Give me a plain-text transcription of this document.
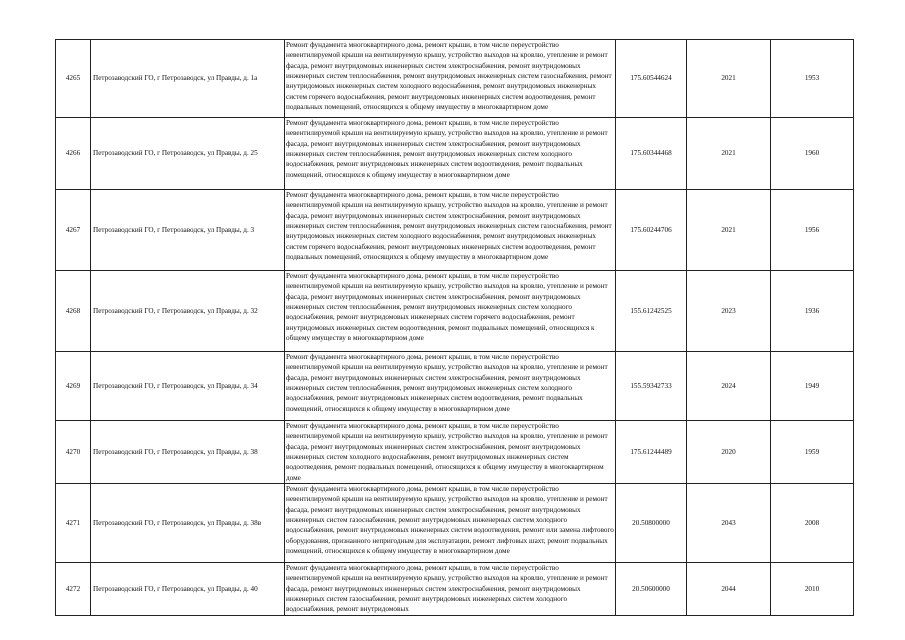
4265	Петрозаводский ГО, г Петрозаводск, ул Правды, д. 1а	Ремонт фундамента многоквартирного дома, ремонт крыши, в том числе переустройство невентилируемой крыши на вентилируемую крышу, устройство выходов на кровлю, утепление и ремонт фасада, ремонт внутридомовых инженерных систем электроснабжения, ремонт внутридомовых инженерных систем теплоснабжения, ремонт внутридомовых инженерных систем газоснабжения, ремонт внутридомовых инженерных систем холодного водоснабжения, ремонт внутридомовых инженерных систем горячего водоснабжения, ремонт внутридомовых инженерных систем водоотведения, ремонт подвальных помещений, относящихся к общему имуществу в многоквартирном доме	175.60544624	2021	1953
4266	Петрозаводский ГО, г Петрозаводск, ул Правды, д. 25	Ремонт фундамента многоквартирного дома, ремонт крыши, в том числе переустройство невентилируемой крыши на вентилируемую крышу, устройство выходов на кровлю, утепление и ремонт фасада, ремонт внутридомовых инженерных систем электроснабжения, ремонт внутридомовых инженерных систем теплоснабжения, ремонт внутридомовых инженерных систем холодного водоснабжения, ремонт внутридомовых инженерных систем водоотведения, ремонт подвальных помещений, относящихся к общему имуществу в многоквартирном доме	175.60344468	2021	1960
4267	Петрозаводский ГО, г Петрозаводск, ул Правды, д. 3	Ремонт фундамента многоквартирного дома, ремонт крыши, в том числе переустройство невентилируемой крыши на вентилируемую крышу, устройство выходов на кровлю, утепление и ремонт фасада, ремонт внутридомовых инженерных систем электроснабжения, ремонт внутридомовых инженерных систем теплоснабжения, ремонт внутридомовых инженерных систем газоснабжения, ремонт внутридомовых инженерных систем холодного водоснабжения, ремонт внутридомовых инженерных систем горячего водоснабжения, ремонт внутридомовых инженерных систем водоотведения, ремонт подвальных помещений, относящихся к общему имуществу в многоквартирном доме	175.60244706	2021	1956
4268	Петрозаводский ГО, г Петрозаводск, ул Правды, д. 32	Ремонт фундамента многоквартирного дома, ремонт крыши, в том числе переустройство невентилируемой крыши на вентилируемую крышу, устройство выходов на кровлю, утепление и ремонт фасада, ремонт внутридомовых инженерных систем электроснабжения, ремонт внутридомовых инженерных систем теплоснабжения, ремонт внутридомовых инженерных систем холодного водоснабжения, ремонт внутридомовых инженерных систем горячего водоснабжения, ремонт внутридомовых инженерных систем водоотведения, ремонт подвальных помещений, относящихся к общему имуществу в многоквартирном доме	155.61242525	2023	1936
4269	Петрозаводский ГО, г Петрозаводск, ул Правды, д. 34	Ремонт фундамента многоквартирного дома, ремонт крыши, в том числе переустройство невентилируемой крыши на вентилируемую крышу, устройство выходов на кровлю, утепление и ремонт фасада, ремонт внутридомовых инженерных систем электроснабжения, ремонт внутридомовых инженерных систем теплоснабжения, ремонт внутридомовых инженерных систем холодного водоснабжения, ремонт внутридомовых инженерных систем водоотведения, ремонт подвальных помещений, относящихся к общему имуществу в многоквартирном доме	155.59342733	2024	1949
4270	Петрозаводский ГО, г Петрозаводск, ул Правды, д. 38	Ремонт фундамента многоквартирного дома, ремонт крыши, в том числе переустройство невентилируемой крыши на вентилируемую крышу, устройство выходов на кровлю, утепление и ремонт фасада, ремонт внутридомовых инженерных систем электроснабжения, ремонт внутридомовых инженерных систем холодного водоснабжения, ремонт внутридомовых инженерных систем водоотведения, ремонт подвальных помещений, относящихся к общему имуществу в многоквартирном доме	175.61244489	2020	1959
4271	Петрозаводский ГО, г Петрозаводск, ул Правды, д. 38в	Ремонт фундамента многоквартирного дома, ремонт крыши, в том числе переустройство невентилируемой крыши на вентилируемую крышу, устройство выходов на кровлю, утепление и ремонт фасада, ремонт внутридомовых инженерных систем электроснабжения, ремонт внутридомовых инженерных систем газоснабжения, ремонт внутридомовых инженерных систем холодного водоснабжения, ремонт внутридомовых инженерных систем водоотведения, ремонт или замена лифтового оборудования, признанного непригодным для эксплуатации, ремонт лифтовых шахт, ремонт подвальных помещений, относящихся к общему имуществу в многоквартирном доме	20.50800000	2043	2008
4272	Петрозаводский ГО, г Петрозаводск, ул Правды, д. 40	Ремонт фундамента многоквартирного дома, ремонт крыши, в том числе переустройство невентилируемой крыши на вентилируемую крышу, устройство выходов на кровлю, утепление и ремонт фасада, ремонт внутридомовых инженерных систем электроснабжения, ремонт внутридомовых инженерных систем газоснабжения, ремонт внутридомовых инженерных систем холодного водоснабжения, ремонт внутридомовых	20.50600000	2044	2010
